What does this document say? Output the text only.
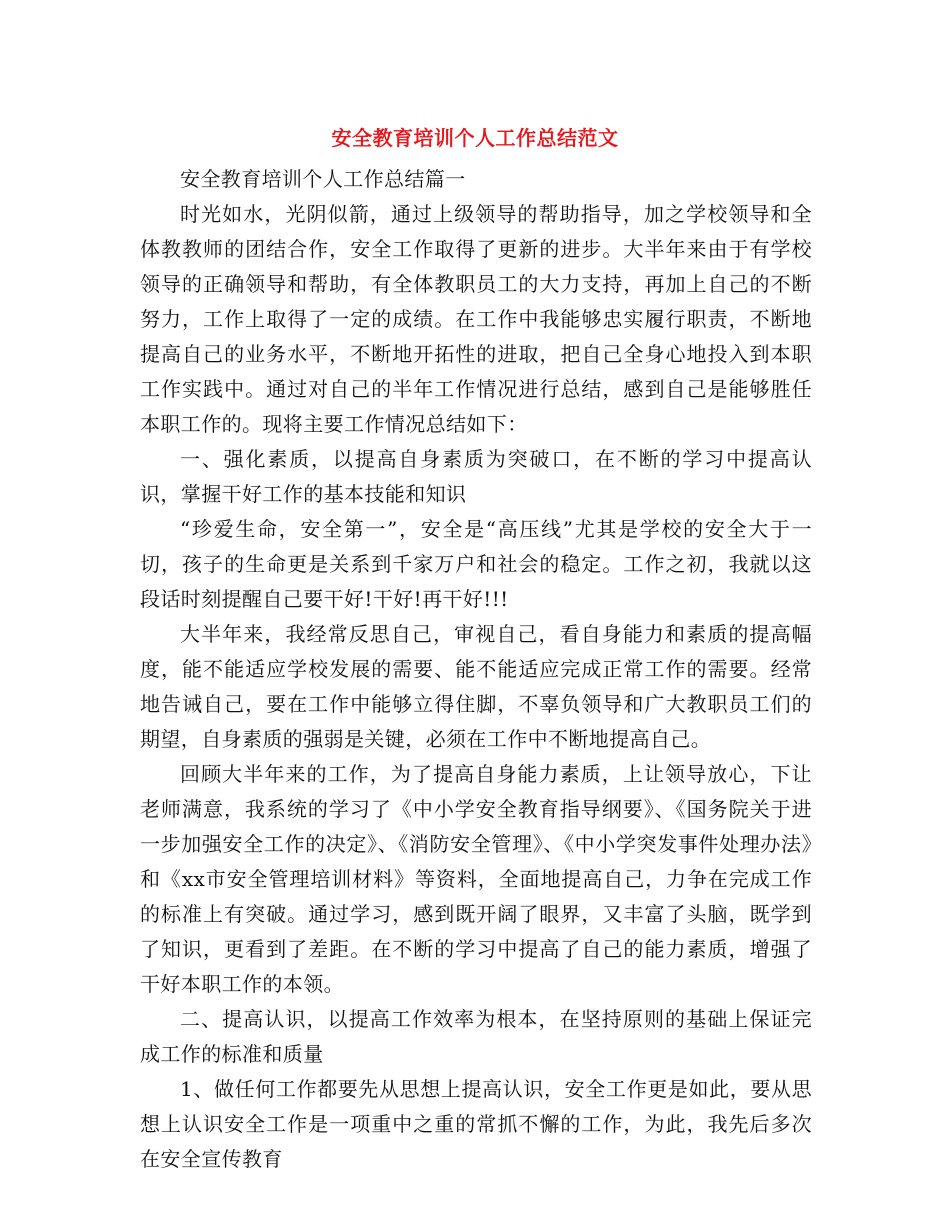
安全教育培训个人工作总结范文

安全教育培训个人工作总结篇一

时光如水，光阴似箭，通过上级领导的帮助指导，加之学校领导和全体教教师的团结合作，安全工作取得了更新的进步。大半年来由于有学校领导的正确领导和帮助，有全体教职员工的大力支持，再加上自己的不断努力，工作上取得了一定的成绩。在工作中我能够忠实履行职责，不断地提高自己的业务水平，不断地开拓性的进取，把自己全身心地投入到本职工作实践中。通过对自己的半年工作情况进行总结，感到自己是能够胜任本职工作的。现将主要工作情况总结如下：

一、强化素质，以提高自身素质为突破口，在不断的学习中提高认识，掌握干好工作的基本技能和知识

“珍爱生命，安全第一”，安全是“高压线”尤其是学校的安全大于一切，孩子的生命更是关系到千家万户和社会的稳定。工作之初，我就以这段话时刻提醒自己要干好!干好!再干好!!!

大半年来，我经常反思自己，审视自己，看自身能力和素质的提高幅度，能不能适应学校发展的需要、能不能适应完成正常工作的需要。经常地告诫自己，要在工作中能够立得住脚，不辜负领导和广大教职员工们的期望，自身素质的强弱是关键，必须在工作中不断地提高自己。

回顾大半年来的工作，为了提高自身能力素质，上让领导放心，下让老师满意，我系统的学习了《中小学安全教育指导纲要》、《国务院关于进一步加强安全工作的决定》、《消防安全管理》、《中小学突发事件处理办法》和《xx市安全管理培训材料》等资料，全面地提高自己，力争在完成工作的标准上有突破。通过学习，感到既开阔了眼界，又丰富了头脑，既学到了知识，更看到了差距。在不断的学习中提高了自己的能力素质，增强了干好本职工作的本领。

二、提高认识，以提高工作效率为根本，在坚持原则的基础上保证完成工作的标准和质量

1、做任何工作都要先从思想上提高认识，安全工作更是如此，要从思想上认识安全工作是一项重中之重的常抓不懈的工作，为此，我先后多次在安全宣传教育
